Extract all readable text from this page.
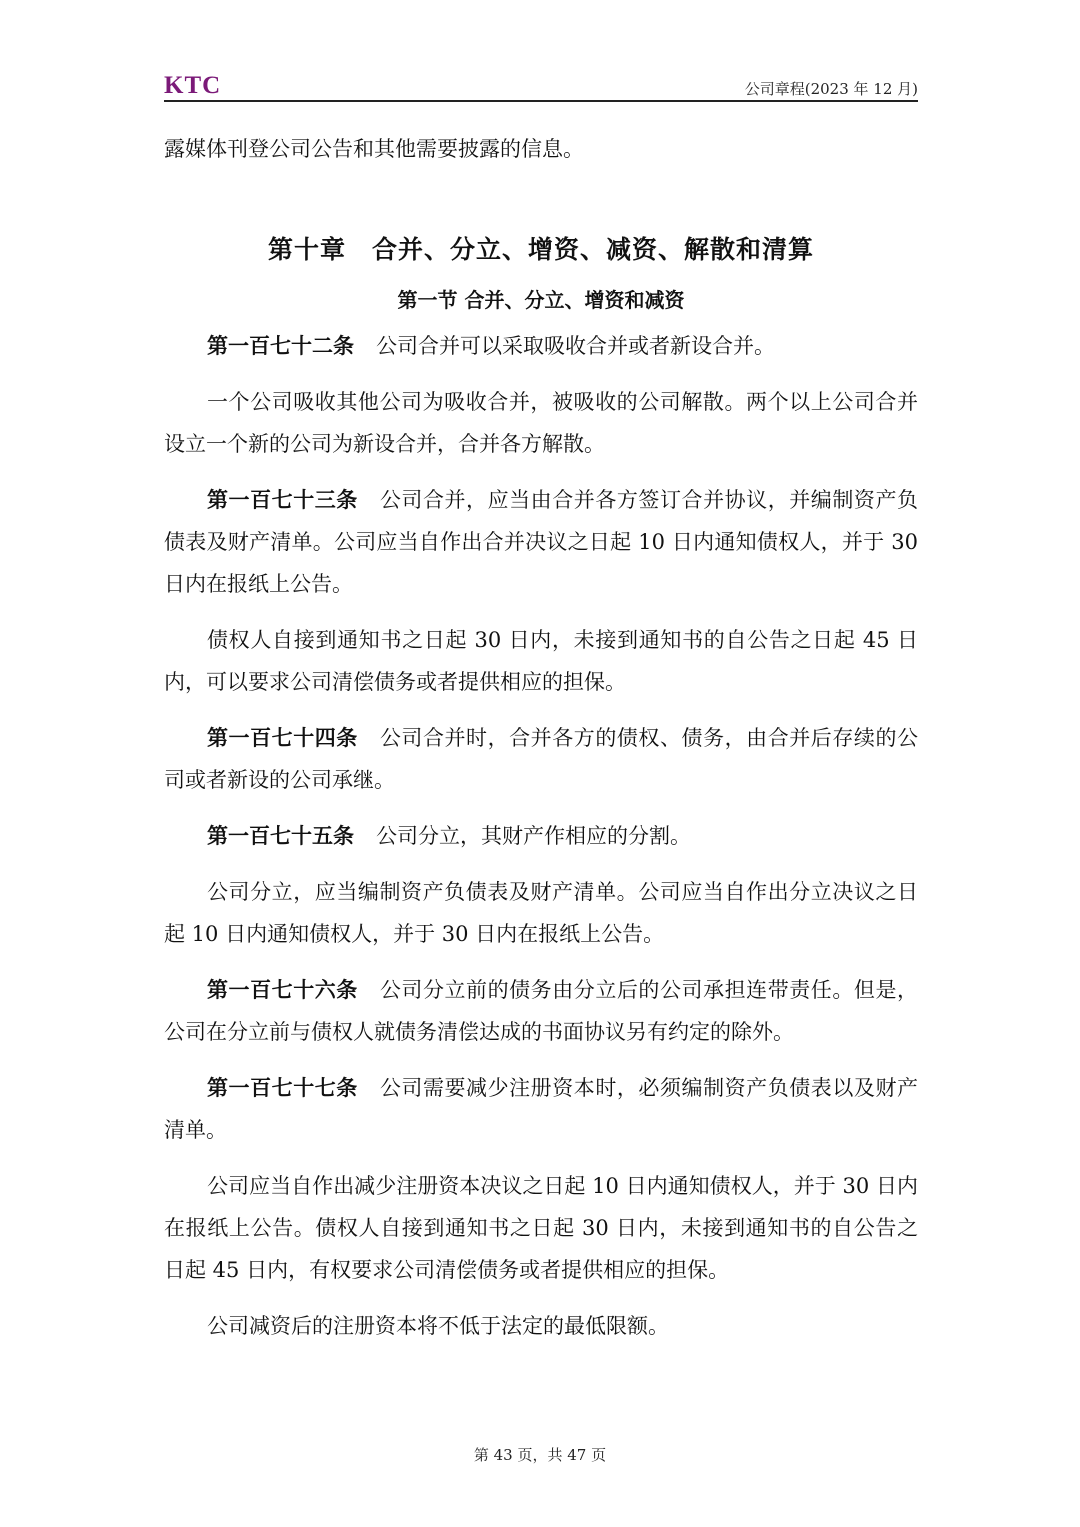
KTC	公司章程(2023 年 12 月)

露媒体刊登公司公告和其他需要披露的信息。

第十章 合并、分立、增资、减资、解散和清算
第一节 合并、分立、增资和减资

第一百七十二条 公司合并可以采取吸收合并或者新设合并。

一个公司吸收其他公司为吸收合并，被吸收的公司解散。两个以上公司合并设立一个新的公司为新设合并，合并各方解散。

第一百七十三条 公司合并，应当由合并各方签订合并协议，并编制资产负债表及财产清单。公司应当自作出合并决议之日起 10 日内通知债权人，并于 30 日内在报纸上公告。

债权人自接到通知书之日起 30 日内，未接到通知书的自公告之日起 45 日内，可以要求公司清偿债务或者提供相应的担保。

第一百七十四条 公司合并时，合并各方的债权、债务，由合并后存续的公司或者新设的公司承继。

第一百七十五条 公司分立，其财产作相应的分割。

公司分立，应当编制资产负债表及财产清单。公司应当自作出分立决议之日起 10 日内通知债权人，并于 30 日内在报纸上公告。

第一百七十六条 公司分立前的债务由分立后的公司承担连带责任。但是，公司在分立前与债权人就债务清偿达成的书面协议另有约定的除外。

第一百七十七条 公司需要减少注册资本时，必须编制资产负债表以及财产清单。

公司应当自作出减少注册资本决议之日起 10 日内通知债权人，并于 30 日内在报纸上公告。债权人自接到通知书之日起 30 日内，未接到通知书的自公告之日起 45 日内，有权要求公司清偿债务或者提供相应的担保。

公司减资后的注册资本将不低于法定的最低限额。

第 43 页，共 47 页
